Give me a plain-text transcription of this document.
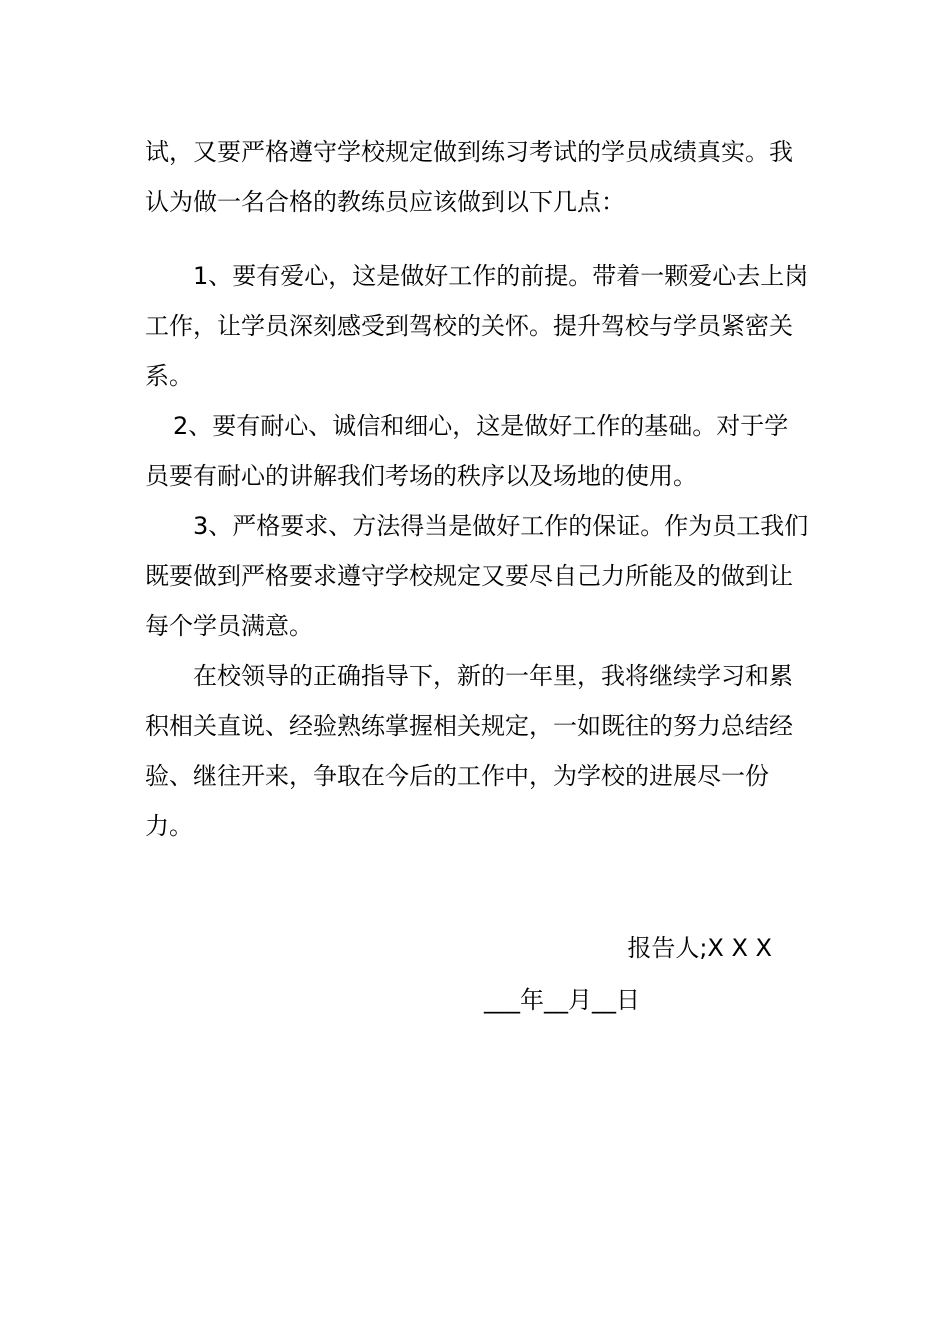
试，又要严格遵守学校规定做到练习考试的学员成绩真实。我认为做一名合格的教练员应该做到以下几点：

1、要有爱心，这是做好工作的前提。带着一颗爱心去上岗工作，让学员深刻感受到驾校的关怀。提升驾校与学员紧密关系。

2、要有耐心、诚信和细心，这是做好工作的基础。对于学员要有耐心的讲解我们考场的秩序以及场地的使用。

3、严格要求、方法得当是做好工作的保证。作为员工我们既要做到严格要求遵守学校规定又要尽自己力所能及的做到让每个学员满意。

在校领导的正确指导下，新的一年里，我将继续学习和累积相关直说、经验熟练掌握相关规定，一如既往的努力总结经验、继往开来，争取在今后的工作中，为学校的进展尽一份力。

报告人;X X X
___年__月__日
